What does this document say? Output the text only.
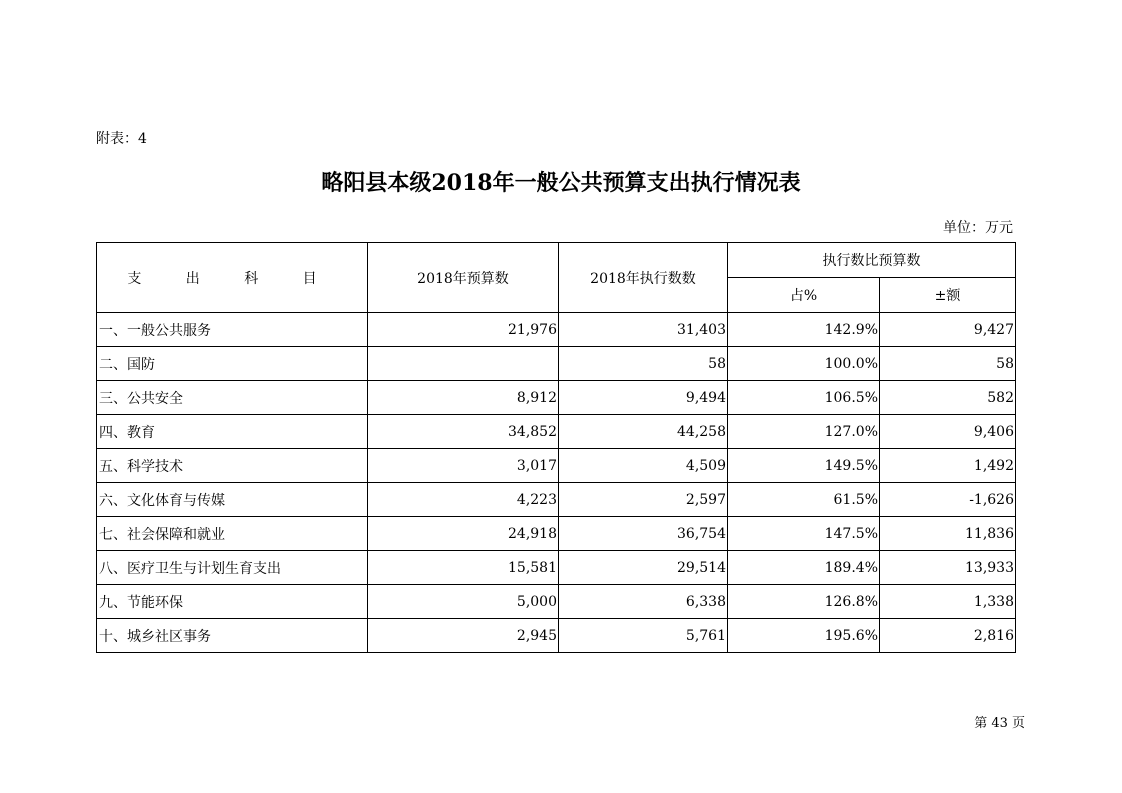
附表：4
略阳县本级2018年一般公共预算支出执行情况表
单位：万元
支 出 科 目	2018年预算数	2018年执行数数	执行数比预算数	
			占%	±额
一、一般公共服务	21,976	31,403	142.9%	9,427
二、国防		58	100.0%	58
三、公共安全	8,912	9,494	106.5%	582
四、教育	34,852	44,258	127.0%	9,406
五、科学技术	3,017	4,509	149.5%	1,492
六、文化体育与传媒	4,223	2,597	61.5%	-1,626
七、社会保障和就业	24,918	36,754	147.5%	11,836
八、医疗卫生与计划生育支出	15,581	29,514	189.4%	13,933
九、节能环保	5,000	6,338	126.8%	1,338
十、城乡社区事务	2,945	5,761	195.6%	2,816
第 43 页
